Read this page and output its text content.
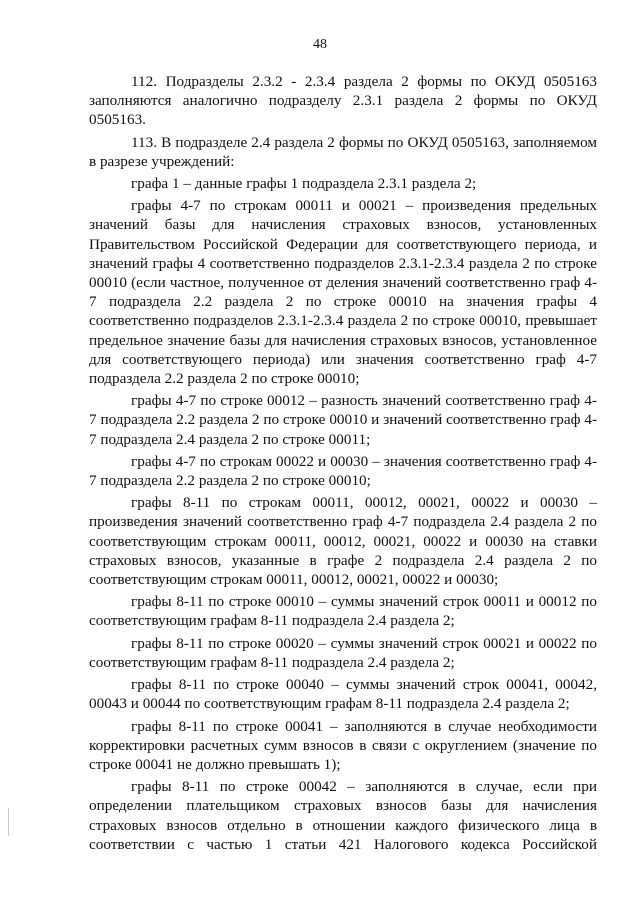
48

112. Подразделы 2.3.2 - 2.3.4 раздела 2 формы по ОКУД 0505163 заполняются аналогично подразделу 2.3.1 раздела 2 формы по ОКУД 0505163.

113. В подразделе 2.4 раздела 2 формы по ОКУД 0505163, заполняемом в разрезе учреждений:

графа 1 – данные графы 1 подраздела 2.3.1 раздела 2;

графы 4-7 по строкам 00011 и 00021 – произведения предельных значений базы для начисления страховых взносов, установленных Правительством Российской Федерации для соответствующего периода, и значений графы 4 соответственно подразделов 2.3.1-2.3.4 раздела 2 по строке 00010 (если частное, полученное от деления значений соответственно граф 4-7 подраздела 2.2 раздела 2 по строке 00010 на значения графы 4 соответственно подразделов 2.3.1-2.3.4 раздела 2 по строке 00010, превышает предельное значение базы для начисления страховых взносов, установленное для соответствующего периода) или значения соответственно граф 4-7 подраздела 2.2 раздела 2 по строке 00010;

графы 4-7 по строке 00012 – разность значений соответственно граф 4-7 подраздела 2.2 раздела 2 по строке 00010 и значений соответственно граф 4-7 подраздела 2.4 раздела 2 по строке 00011;

графы 4-7 по строкам 00022 и 00030 – значения соответственно граф 4-7 подраздела 2.2 раздела 2 по строке 00010;

графы 8-11 по строкам 00011, 00012, 00021, 00022 и 00030 – произведения значений соответственно граф 4-7 подраздела 2.4 раздела 2 по соответствующим строкам 00011, 00012, 00021, 00022 и 00030 на ставки страховых взносов, указанные в графе 2 подраздела 2.4 раздела 2 по соответствующим строкам 00011, 00012, 00021, 00022 и 00030;

графы 8-11 по строке 00010 – суммы значений строк 00011 и 00012 по соответствующим графам 8-11 подраздела 2.4 раздела 2;

графы 8-11 по строке 00020 – суммы значений строк 00021 и 00022 по соответствующим графам 8-11 подраздела 2.4 раздела 2;

графы 8-11 по строке 00040 – суммы значений строк 00041, 00042, 00043 и 00044 по соответствующим графам 8-11 подраздела 2.4 раздела 2;

графы 8-11 по строке 00041 – заполняются в случае необходимости корректировки расчетных сумм взносов в связи с округлением (значение по строке 00041 не должно превышать 1);

графы 8-11 по строке 00042 – заполняются в случае, если при определении плательщиком страховых взносов базы для начисления страховых взносов отдельно в отношении каждого физического лица в соответствии с частью 1 статьи 421 Налогового кодекса Российской
